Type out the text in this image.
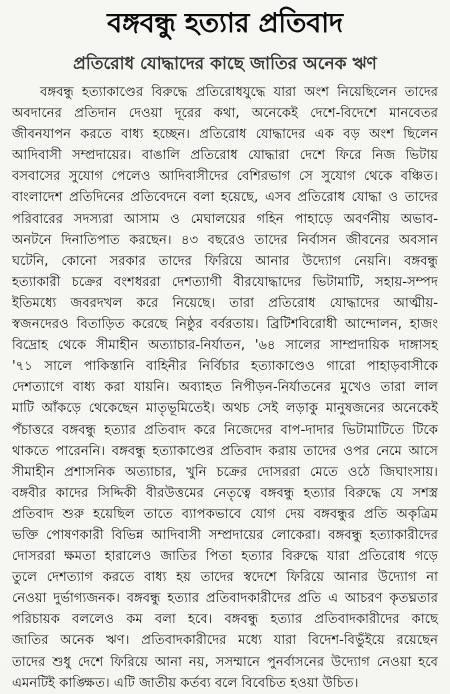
বঙ্গবন্ধু হত্যার প্রতিবাদ
প্রতিরোধ যোদ্ধাদের কাছে জাতির অনেক ঋণ
বঙ্গবন্ধু হত্যাকাণ্ডের বিরুদ্ধে প্রতিরোধযুদ্ধে যারা অংশ নিয়েছিলেন তাদের
অবদানের প্রতিদান দেওয়া দূরের কথা, অনেকেই দেশে-বিদেশে মানবেতর
জীবনযাপন করতে বাধ্য হচ্ছেন। প্রতিরোধ যোদ্ধাদের এক বড় অংশ ছিলেন
আদিবাসী সম্প্রদায়ের। বাঙালি প্রতিরোধ যোদ্ধারা দেশে ফিরে নিজ ভিটায়
বসবাসের সুযোগ পেলেও আদিবাসীদের বেশিরভাগ সে সুযোগ থেকে বঞ্চিত।
বাংলাদেশ প্রতিদিনের প্রতিবেদনে বলা হয়েছে, এসব প্রতিরোধ যোদ্ধা ও তাদের
পরিবারের সদস্যরা আসাম ও মেঘালয়ের গহিন পাহাড়ে অবর্ণনীয় অভাব-
অনটনে দিনাতিপাত করছেন। ৪৩ বছরেও তাদের নির্বাসন জীবনের অবসান
ঘটেনি, কোনো সরকার তাদের ফিরিয়ে আনার উদ্যোগ নেয়নি। বঙ্গবন্ধু
হত্যাকারী চক্রের বংশধররা দেশত্যাগী বীরযোদ্ধাদের ভিটামাটি, সহায়-সম্পদ
ইতিমধ্যে জবরদখল করে নিয়েছে। তারা প্রতিরোধ যোদ্ধাদের আত্মীয়-
স্বজনদেরও বিতাড়িত করেছে নিষ্ঠুর বর্বরতায়। ব্রিটিশবিরোধী আন্দোলন, হাজং
বিদ্রোহ থেকে সীমাহীন অত্যাচার-নির্যাতন, '৬৪ সালের সাম্প্রদায়িক দাঙ্গাসহ
'৭১ সালে পাকিস্তানি বাহিনীর নির্বিচার হত্যাকাণ্ডেও গারো পাহাড়বাসীকে
দেশত্যাগে বাধ্য করা যায়নি। অব্যাহত নিপীড়ন-নির্যাতনের মুখেও তারা লাল
মাটি আঁকড়ে থেকেছেন মাতৃভূমিতেই। অথচ সেই লড়াকু মানুষজনের অনেকেই
পঁচাত্তরে বঙ্গবন্ধু হত্যার প্রতিবাদ করে নিজেদের বাপ-দাদার ভিটামাটিতে টিকে
থাকতে পারেননি। বঙ্গবন্ধু হত্যাকাণ্ডের প্রতিবাদ করায় তাদের ওপর নেমে আসে
সীমাহীন প্রশাসনিক অত্যাচার, খুনি চক্রের দোসররা মেতে ওঠে জিঘাংসায়।
বঙ্গবীর কাদের সিদ্দিকী বীরউত্তমের নেতৃত্বে বঙ্গবন্ধু হত্যার বিরুদ্ধে যে সশস্ত্র
প্রতিবাদ শুরু হয়েছিল তাতে ব্যাপকভাবে যোগ দেয় বঙ্গবন্ধুর প্রতি অকৃত্রিম
ভক্তি পোষণকারী বিভিন্ন আদিবাসী সম্প্রদায়ের লোকেরা। বঙ্গবন্ধু হত্যাকারীদের
দোসররা ক্ষমতা হারালেও জাতির পিতা হত্যার বিরুদ্ধে যারা প্রতিরোধ গড়ে
তুলে দেশত্যাগ করতে বাধ্য হয় তাদের স্বদেশে ফিরিয়ে আনার উদ্যোগ না
নেওয়া দুর্ভাগ্যজনক। বঙ্গবন্ধু হত্যার প্রতিবাদকারীদের প্রতি এ আচরণ কৃতঘ্নতার
পরিচায়ক বললেও কম বলা হবে। বঙ্গবন্ধু হত্যার প্রতিবাদকারীদের কাছে
জাতির অনেক ঋণ। প্রতিবাদকারীদের মধ্যে যারা বিদেশ-বিভুঁইয়ে রয়েছেন
তাদের শুধু দেশে ফিরিয়ে আনা নয়, সসম্মানে পুনর্বাসনের উদ্যোগ নেওয়া হবে
এমনটিই কাঙ্ক্ষিত। এটি জাতীয় কর্তব্য বলে বিবেচিত হওয়া উচিত।
